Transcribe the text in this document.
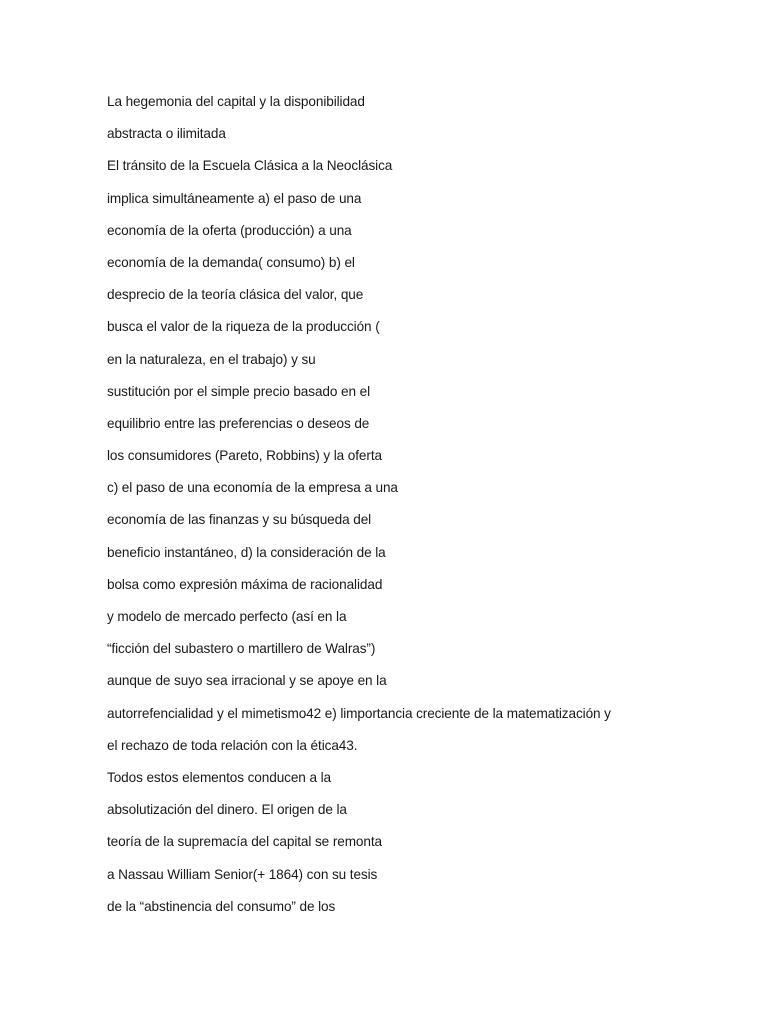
La hegemonia del capital y la disponibilidad
abstracta o ilimitada
El tránsito de la Escuela Clásica a la Neoclásica
implica simultáneamente a) el paso de una
economía de la oferta (producción) a una
economía de la demanda( consumo) b) el
desprecio de la teoría clásica del valor, que
busca el valor de la riqueza de la producción (
en la naturaleza, en el trabajo) y su
sustitución por el simple precio basado en el
equilibrio entre las preferencias o deseos de
los consumidores (Pareto, Robbins) y la oferta
c) el paso de una economía de la empresa a una
economía de las finanzas y su búsqueda del
beneficio instantáneo, d) la consideración de la
bolsa como expresión máxima de racionalidad
y modelo de mercado perfecto (así en la
“ficción del subastero o martillero de Walras”)
aunque de suyo sea irracional y se apoye en la
autorrefencialidad y el mimetismo42 e) limportancia creciente de la matematización y
el rechazo de toda relación con la ética43.
Todos estos elementos conducen a la
absolutización del dinero. El origen de la
teoría de la supremacía del capital se remonta
a Nassau William Senior(+ 1864) con su tesis
de la “abstinencia del consumo” de los
